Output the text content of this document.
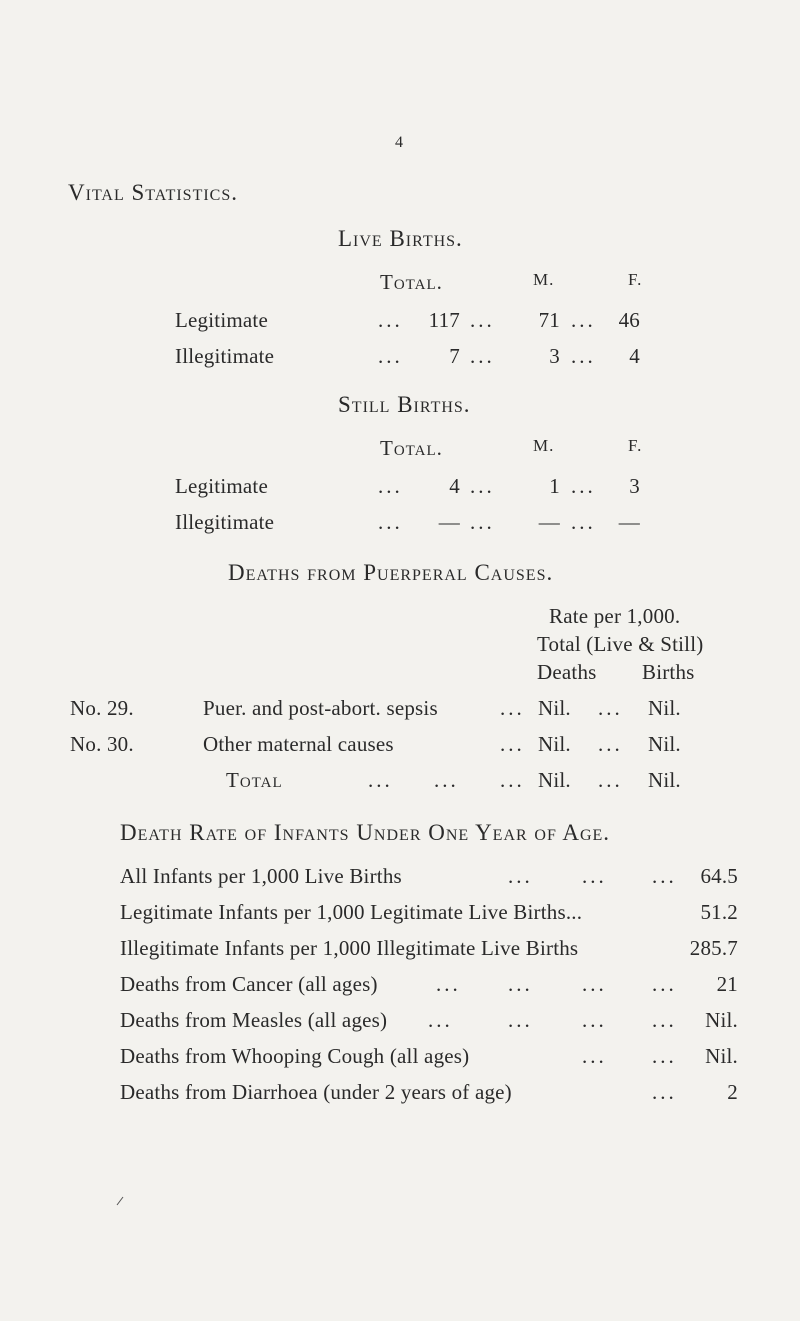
4
Vital Statistics.
Live Births.
Total.	M.	F.
Legitimate	...	117 ...	71 ...	46
Illegitimate	...	7 ...	3 ...	4
Still Births.
Total.	M.	F.
Legitimate	...	4 ...	1 ...	3
Illegitimate	...	— ...	— ...	—
Deaths from Puerperal Causes.
Rate per 1,000.
Total (Live & Still)
Deaths Births
No. 29.	Puer. and post-abort. sepsis	... Nil. ... Nil.
No. 30.	Other maternal causes	... Nil. ... Nil.
Total	... ... ... Nil. ... Nil.
Death Rate of Infants Under One Year of Age.
All Infants per 1,000 Live Births	... ... ...	64.5
Legitimate Infants per 1,000 Legitimate Live Births...	51.2
Illegitimate Infants per 1,000 Illegitimate Live Births	285.7
Deaths from Cancer (all ages)	... ... ... ...	21
Deaths from Measles (all ages) ...	... ... ...	Nil.
Deaths from Whooping Cough (all ages)	... ...	Nil.
Deaths from Diarrhoea (under 2 years of age)	...	2
